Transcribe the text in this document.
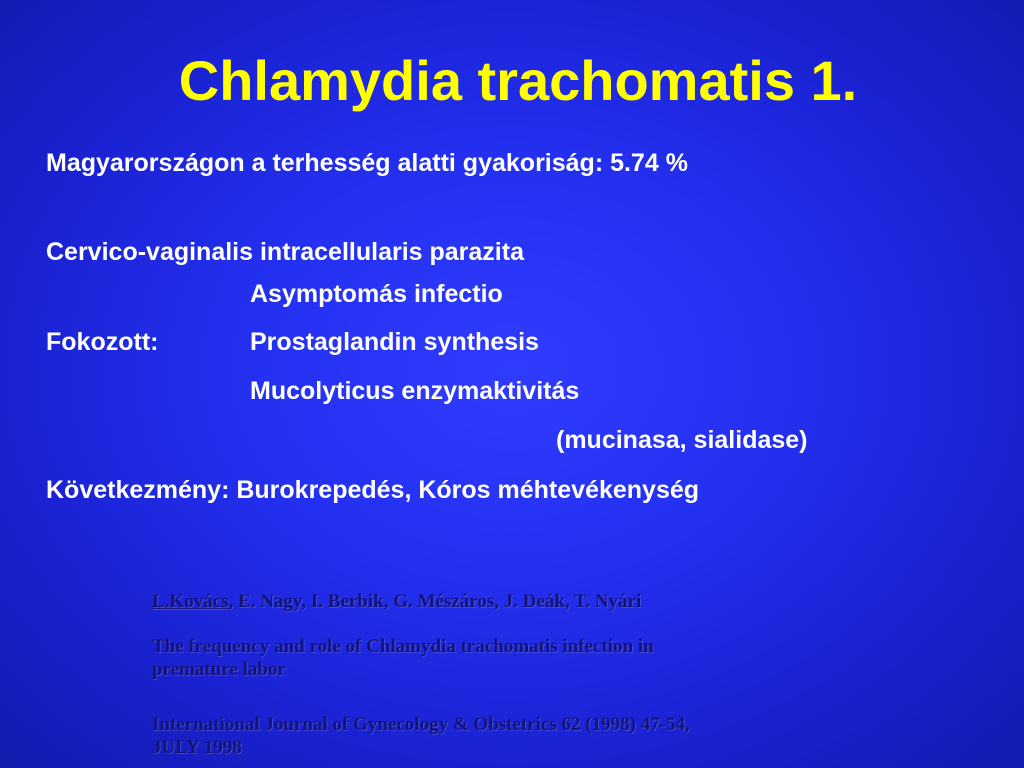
Chlamydia trachomatis 1.
Magyarországon a terhesség alatti gyakoriság: 5.74 %
Cervico-vaginalis intracellularis parazita
Asymptomás infectio
Fokozott:	Prostaglandin synthesis
Mucolyticus enzymaktivitás
(mucinasa, sialidase)
Következmény: Burokrepedés, Kóros méhtevékenység
L.Kovács, E. Nagy, I. Berbik, G. Mészáros, J. Deák, T. Nyári
The frequency and role of Chlamydia trachomatis infection in
premature labor
International Journal of Gynecology & Obstetrics 62 (1998) 47-54,
JULY 1998
